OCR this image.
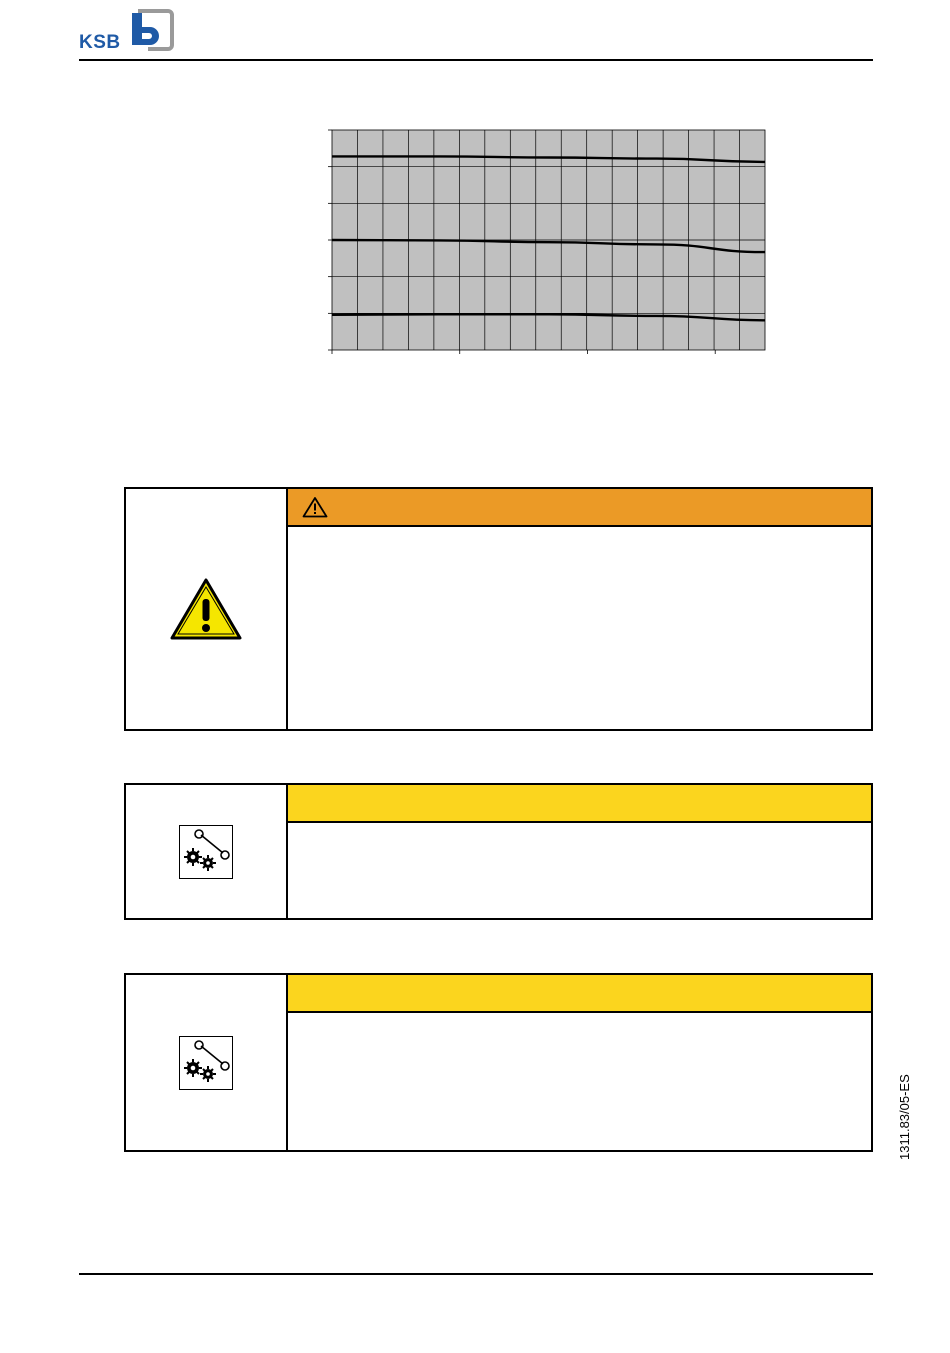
KSB
1311.83/05-ES
